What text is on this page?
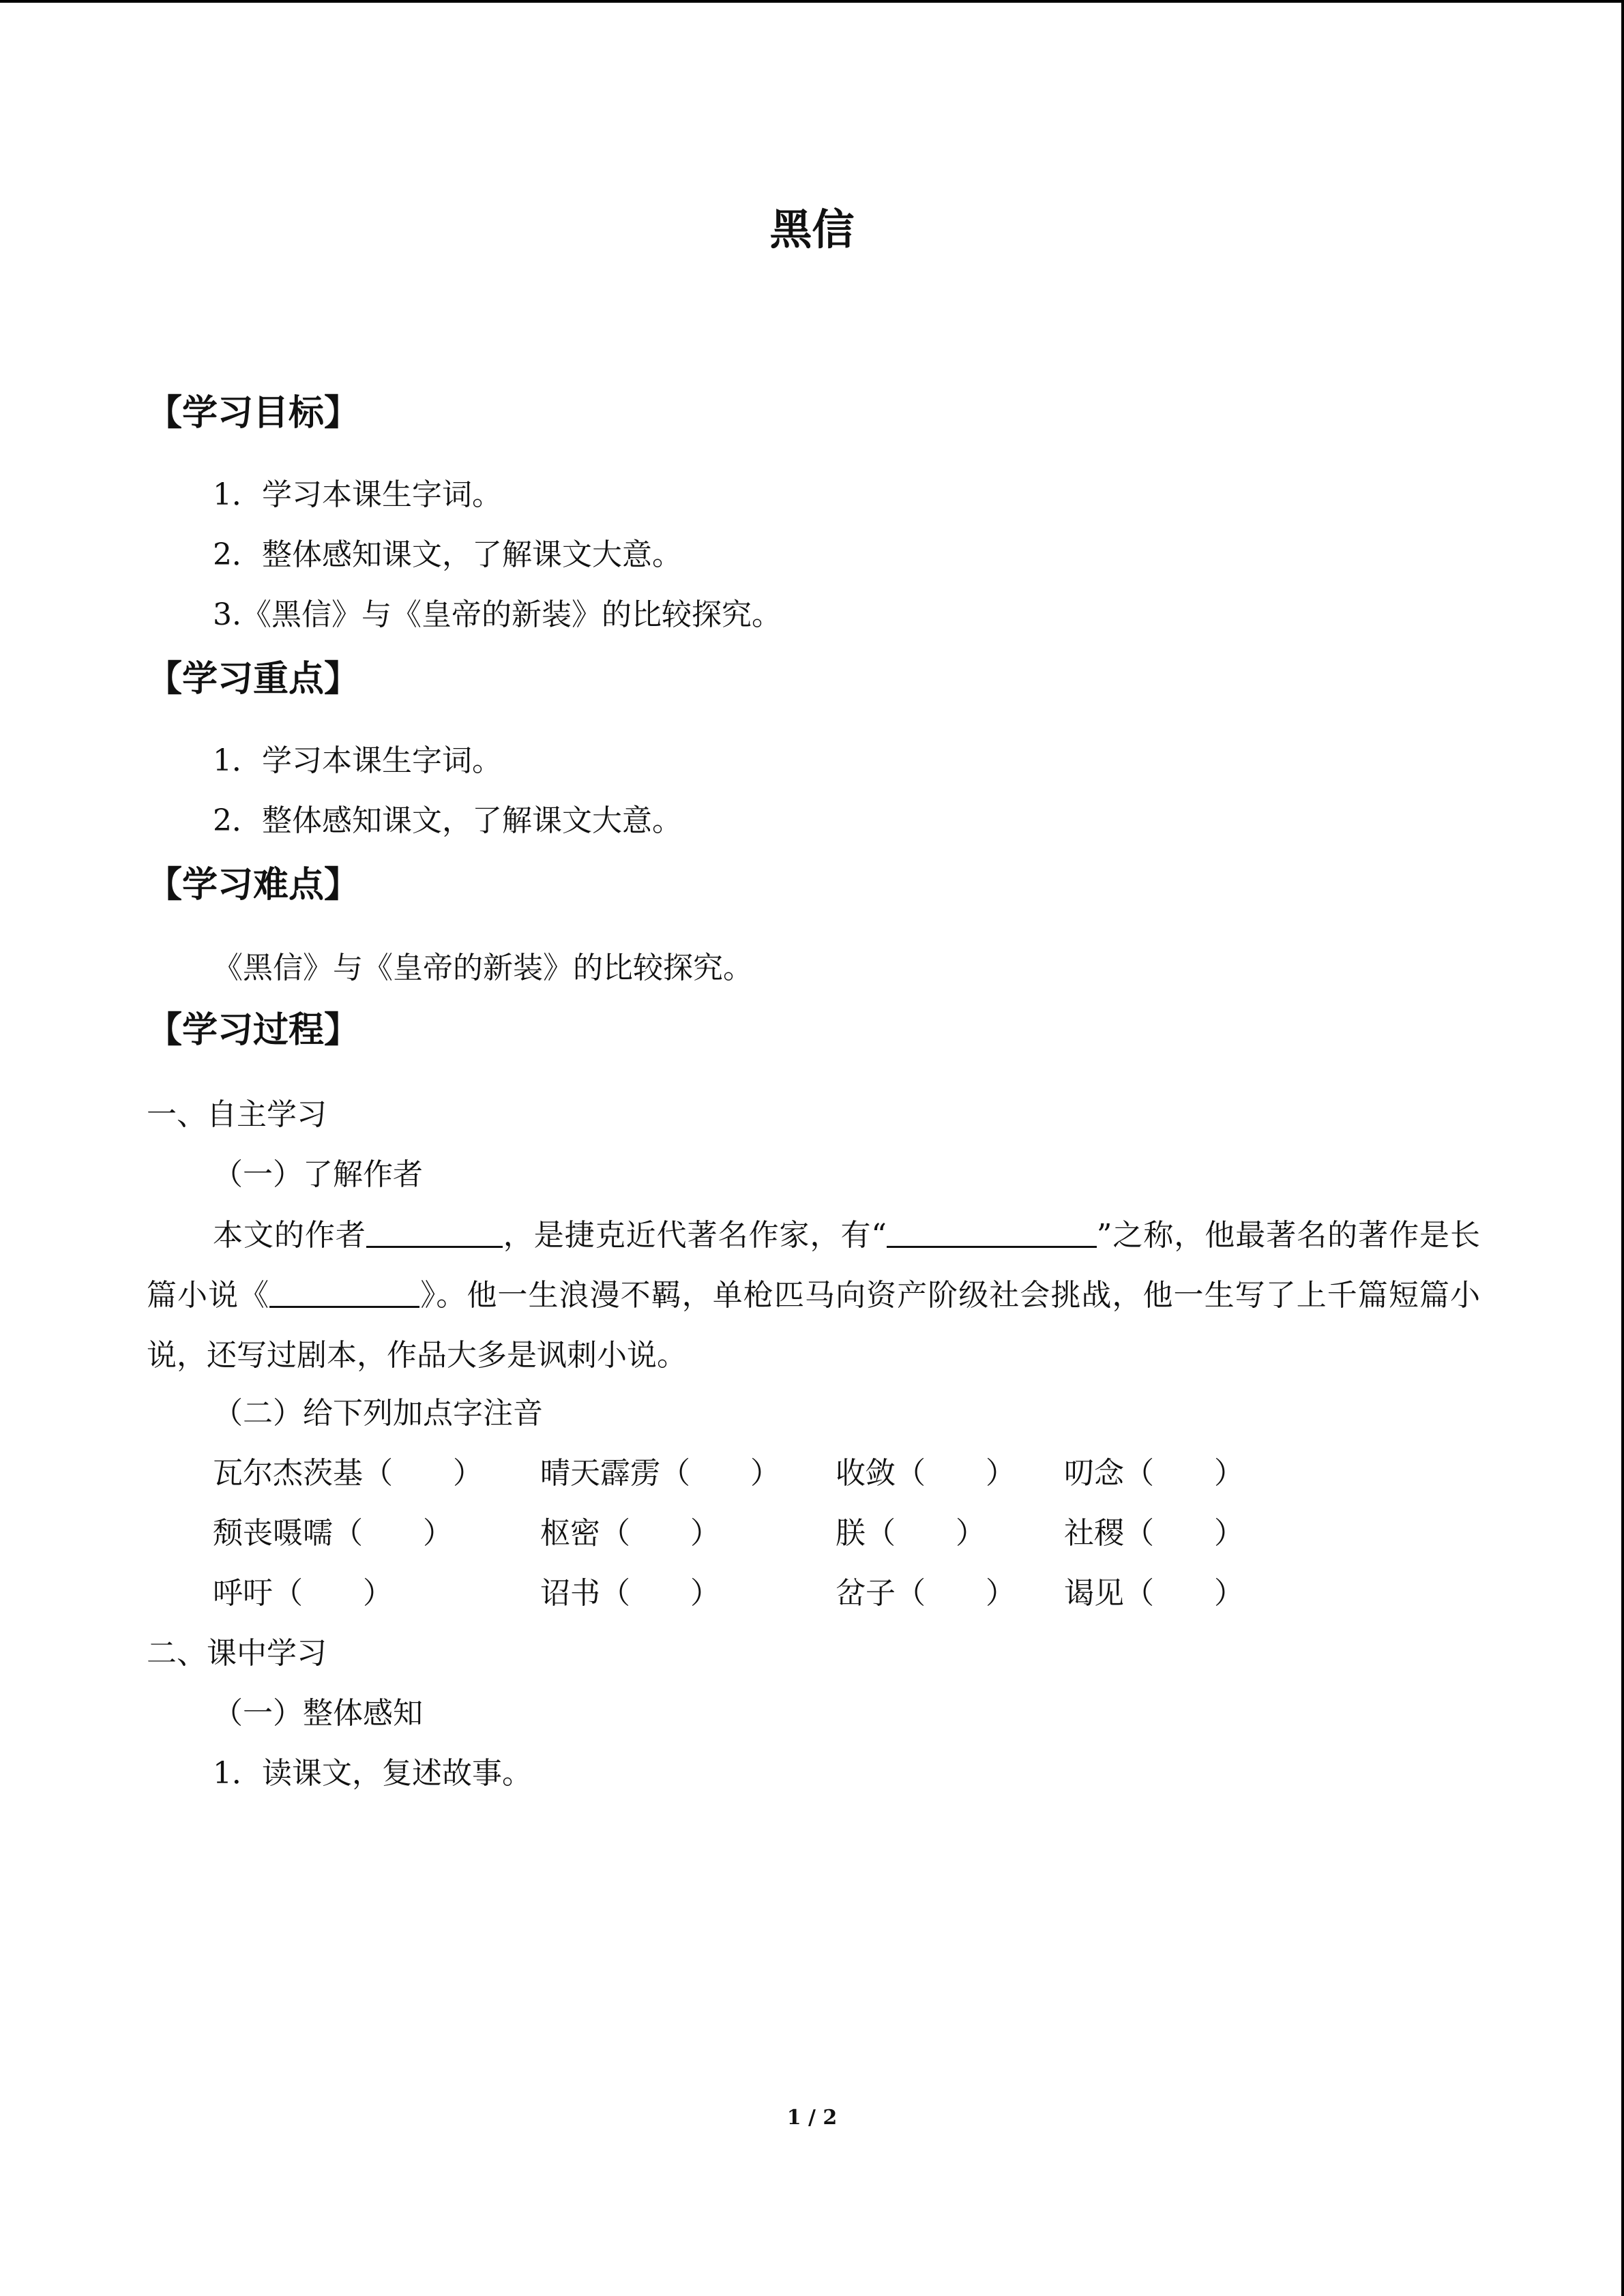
黑信
【学习目标】
1．学习本课生字词。
2．整体感知课文，了解课文大意。
3.《黑信》与《皇帝的新装》的比较探究。
【学习重点】
1．学习本课生字词。
2．整体感知课文，了解课文大意。
【学习难点】
《黑信》与《皇帝的新装》的比较探究。
【学习过程】
一、自主学习
（一）了解作者
本文的作者	，是捷克近代著名作家，有“	”之称，他最著名的著作是长篇小说《	》。他一生浪漫不羁，单枪匹马向资产阶级社会挑战，他一生写了上千篇短篇小说，还写过剧本，作品大多是讽刺小说。
（二）给下列加点字注音
瓦尔杰茨基（　　） 晴天霹雳（　　） 收敛（　　） 叨念（　　）
颓丧嗫嚅（　　）	枢密（　　）	朕（　　）	社稷（　　）
呼吁（　　）	诏书（　　）	岔子（　　） 谒见（　　）
二、课中学习
（一）整体感知
1．读课文，复述故事。
1 / 2
